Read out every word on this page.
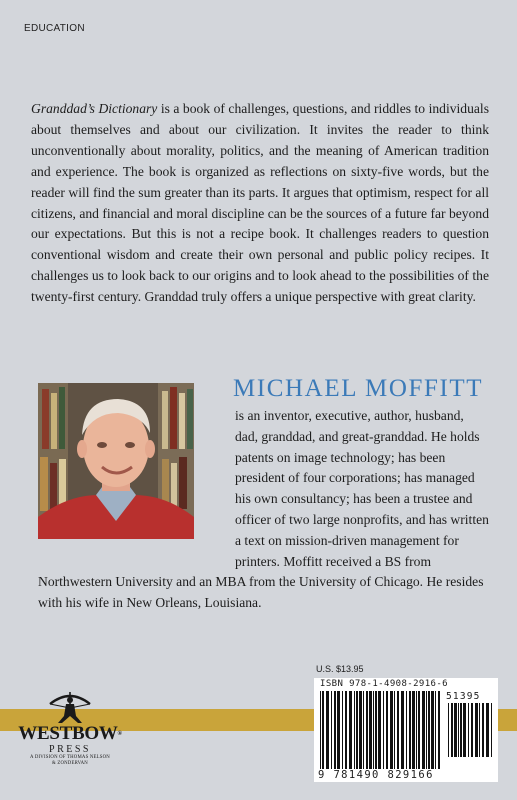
EDUCATION

Granddad’s Dictionary is a book of challenges, questions, and riddles to individuals about themselves and about our civilization. It invites the reader to think unconventionally about morality, politics, and the meaning of American tradition and experience. The book is organized as reflections on sixty-five words, but the reader will find the sum greater than its parts. It argues that optimism, respect for all citizens, and financial and moral discipline can be the sources of a future far beyond our expectations. But this is not a recipe book. It challenges readers to question conventional wisdom and create their own personal and public policy recipes. It challenges us to look back to our origins and to look ahead to the possibilities of the twenty-first century. Granddad truly offers a unique perspective with great clarity.

MICHAEL MOFFITT

is an inventor, executive, author, husband, dad, granddad, and great-granddad. He holds patents on image technology; has been president of four corporations; has managed his own consultancy; has been a trustee and officer of two large nonprofits, and has written a text on mission-driven management for printers. Moffitt received a BS from Northwestern University and an MBA from the University of Chicago. He resides with his wife in New Orleans, Louisiana.

WESTBOW®
PRESS
A DIVISION OF THOMAS NELSON
& ZONDERVAN
U.S. $13.95
ISBN 978-1-4908-2916-6
51395
9 781490 829166
